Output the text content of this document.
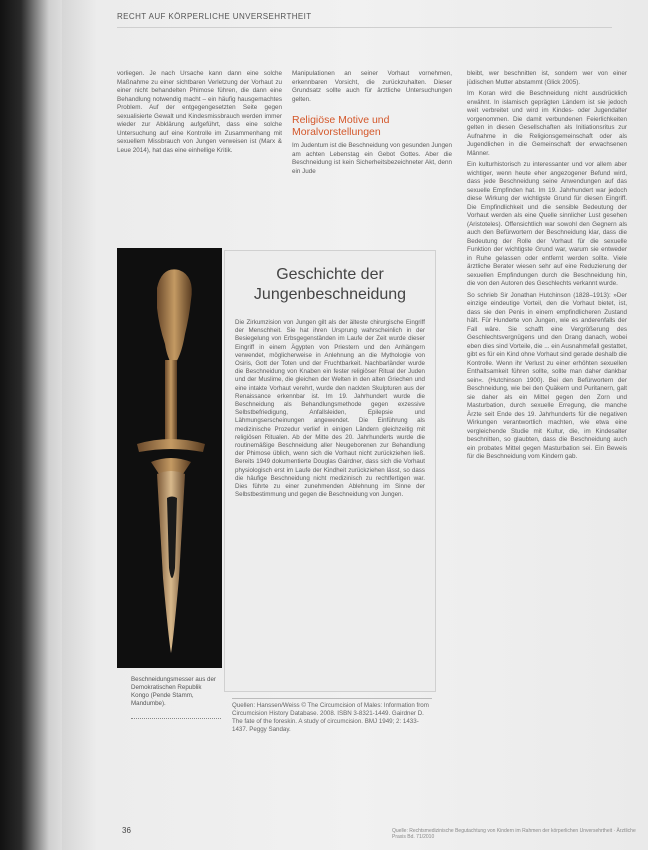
RECHT AUF KÖRPERLICHE UNVERSEHRTHEIT

vorliegen. Je nach Ursache kann dann eine solche Maßnahme zu einer sichtbaren Verletzung der Vorhaut zu einer nicht behandelten Phimose führen, die dann eine Behandlung notwendig macht – ein häufig hausgemachtes Problem. Auf der entgegengesetzten Seite gegen sexualisierte Gewalt und Kindesmissbrauch werden immer wieder zur Abklärung aufgeführt, dass eine solche Untersuchung auf eine Kontrolle im Zusammenhang mit sexuellem Missbrauch von Jungen verweisen ist (Marx & Leue 2014), hat das eine einhellige Kritik.

Manipulationen an seiner Vorhaut vornehmen, erkennbaren Vorsicht, die zurückzuhalten. Dieser Grundsatz sollte auch für ärztliche Untersuchungen gelten.

Religiöse Motive und
Moralvorstellungen

Im Judentum ist die Beschneidung von gesunden Jungen am achten Lebenstag ein Gebot Gottes. Aber die Beschneidung ist kein Sicherheitsbezeichneter Akt, denn ein Jude

bleibt, wer beschnitten ist, sondern wer von einer jüdischen Mutter abstammt (Glick 2005).

Im Koran wird die Beschneidung nicht ausdrücklich erwähnt. In islamisch geprägten Ländern ist sie jedoch weit verbreitet und wird im Kindes- oder Jugendalter vorgenommen. Die damit verbundenen Feierlichkeiten gelten in diesen Gesellschaften als Initiationsritus zur Aufnahme in die Religionsgemeinschaft oder als Jugendlichen in die Gemeinschaft der erwachsenen Männer.

Ein kulturhistorisch zu interessanter und vor allem aber wichtiger, wenn heute eher angezogener Befund wird, dass jede Beschneidung seine Anwendungen auf das sexuelle Empfinden hat. Im 19. Jahrhundert war jedoch diese Wirkung der wichtigste Grund für diesen Eingriff. Die Empfindlichkeit und die sensible Bedeutung der Vorhaut werden als eine Quelle sinnlicher Lust gesehen (Aristoteles). Offensichtlich war sowohl den Gegnern als auch den Befürwortern der Beschneidung klar, dass die Bedeutung der Rolle der Vorhaut für die sexuelle Funktion der wichtigste Grund war, warum sie entweder in Ruhe gelassen oder entfernt werden sollte. Viele ärztliche Berater wiesen sehr auf eine Reduzierung der sexuellen Empfindungen durch die Beschneidung hin, die von den Autoren des Geschlechts verkannt wurde.

So schrieb Sir Jonathan Hutchinson (1828–1913): »Der einzige eindeutige Vorteil, den die Vorhaut bietet, ist, dass sie den Penis in einem empfindlicheren Zustand hält. Für Hunderte von Jungen, wie es anderenfalls der Fall wäre. Sie schafft eine Vergrößerung des Geschlechtsvergnügens und den Drang danach, wobei eben dies sind Vorteile, die ... ein Ausnahmefall gestattet, gibt es für ein Kind ohne Vorhaut sind gerade deshalb die Kontrolle. Wenn ihr Verlust zu einer erhöhten sexuellen Enthaltsamkeit führen sollte, sollte man daher dankbar sein«. (Hutchinson 1900). Bei den Befürwortern der Beschneidung, wie bei den Quäkern und Puritanern, galt sie daher als ein Mittel gegen den Zorn und Masturbation, durch sexuelle Erregung, die manche Ärzte seit Ende des 19. Jahrhunderts für die negativen Wirkungen verantwortlich machten, wie etwa eine vergleichende Studie mit Kultur, die, im Kindesalter beschnitten, so glaubten, dass die Beschneidung auch ein probates Mittel gegen Masturbation sei. Ein Beweis für die Beschneidung vom Kindern gab.

Beschneidungsmesser aus der Demokratischen Republik Kongo (Pende Stamm, Mandumbe).
Geschichte der
Jungenbeschneidung
Die Zirkumzision von Jungen gilt als der älteste chirurgische Eingriff der Menschheit. Sie hat ihren Ursprung wahrscheinlich in der Besiegelung von Erbsgegenständen im Laufe der Zeit wurde dieser Eingriff in einem Ägypten von Priestern und den Anhängern verwendet, möglicherweise in Anlehnung an die Mythologie von Osiris, Gott der Toten und der Fruchtbarkeit. Nachbarländer wurde die Beschneidung von Knaben ein fester religiöser Ritual der Juden und der Muslime, die gleichen der Welten in den alten Griechen und eine intakte Vorhaut verehrt, wurde den nackten Skulpturen aus der Renaissance erkennbar ist. Im 19. Jahrhundert wurde die Beschneidung als Behandlungsmethode gegen exzessive Selbstbefriedigung, Anfallsleiden, Epilepsie und Lähmungserscheinungen angewendet. Die Einführung als medizinische Prozedur verlief in einigen Ländern gleichzeitig mit religiösen Ritualen. Ab der Mitte des 20. Jahrhunderts wurde die routinemäßige Beschneidung aller Neugeborenen zur Behandlung der Phimose üblich, wenn sich die Vorhaut nicht zurückziehen ließ. Bereits 1949 dokumentierte Douglas Gairdner, dass sich die Vorhaut physiologisch erst im Laufe der Kindheit zurückziehen lässt, so dass die häufige Beschneidung nicht medizinisch zu rechtfertigen war. Dies führte zu einer zunehmenden Ablehnung im Sinne der Selbstbestimmung und gegen die Beschneidung von Jungen.
Quellen: Hanssen/Weiss © The Circumcision of Males: Information from Circumcision History Database. 2008. ISBN 3-8321-1449. Gairdner D. The fate of the foreskin. A study of circumcision. BMJ 1949; 2: 1433-1437. Peggy Sanday.
36	Quelle: Rechtsmedizinische Begutachtung von Kindern im Rahmen der körperlichen Unversehrtheit · Ärztliche Praxis Bd. 71/2010
